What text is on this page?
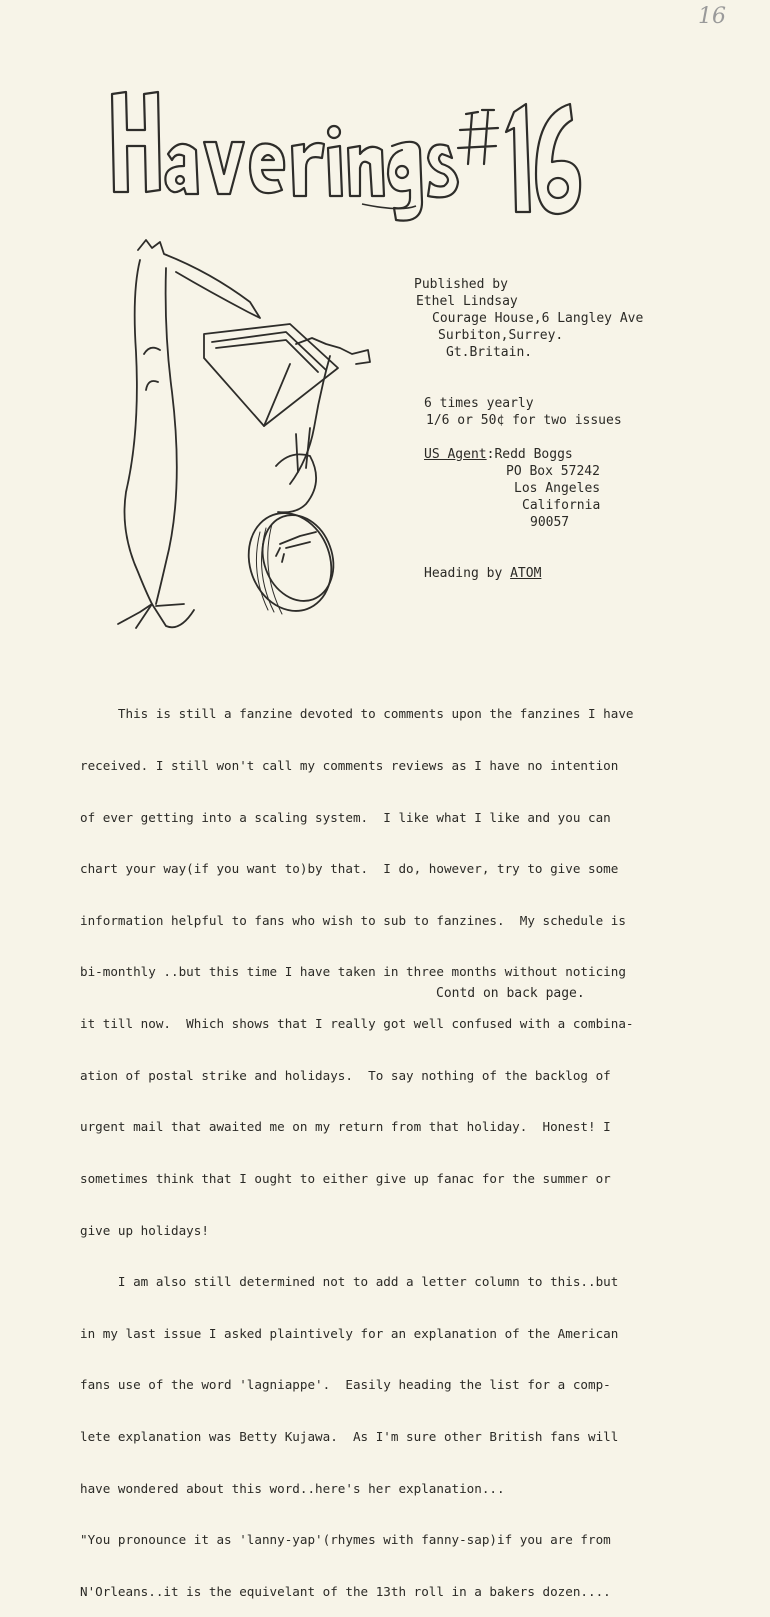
16
Published by
Ethel Lindsay
Courage House,6 Langley Ave
Surbiton,Surrey.
Gt.Britain.
6 times yearly
1/6 or 50¢ for two issues
US Agent:Redd Boggs
PO Box 57242
Los Angeles
California
90057
Heading by ATOM

This is still a fanzine devoted to comments upon the fanzines I have

received. I still won't call my comments reviews as I have no intention

of ever getting into a scaling system.  I like what I like and you can

chart your way(if you want to)by that.  I do, however, try to give some

information helpful to fans who wish to sub to fanzines.  My schedule is

bi-monthly ..but this time I have taken in three months without noticing

it till now.  Which shows that I really got well confused with a combina-

ation of postal strike and holidays.  To say nothing of the backlog of

urgent mail that awaited me on my return from that holiday.  Honest! I

sometimes think that I ought to either give up fanac for the summer or

give up holidays!

I am also still determined not to add a letter column to this..but

in my last issue I asked plaintively for an explanation of the American

fans use of the word 'lagniappe'.  Easily heading the list for a comp-

lete explanation was Betty Kujawa.  As I'm sure other British fans will

have wondered about this word..here's her explanation...

"You pronounce it as 'lanny-yap'(rhymes with fanny-sap)if you are from

N'Orleans..it is the equivelant of the 13th roll in a bakers dozen....

Contd on back page.
